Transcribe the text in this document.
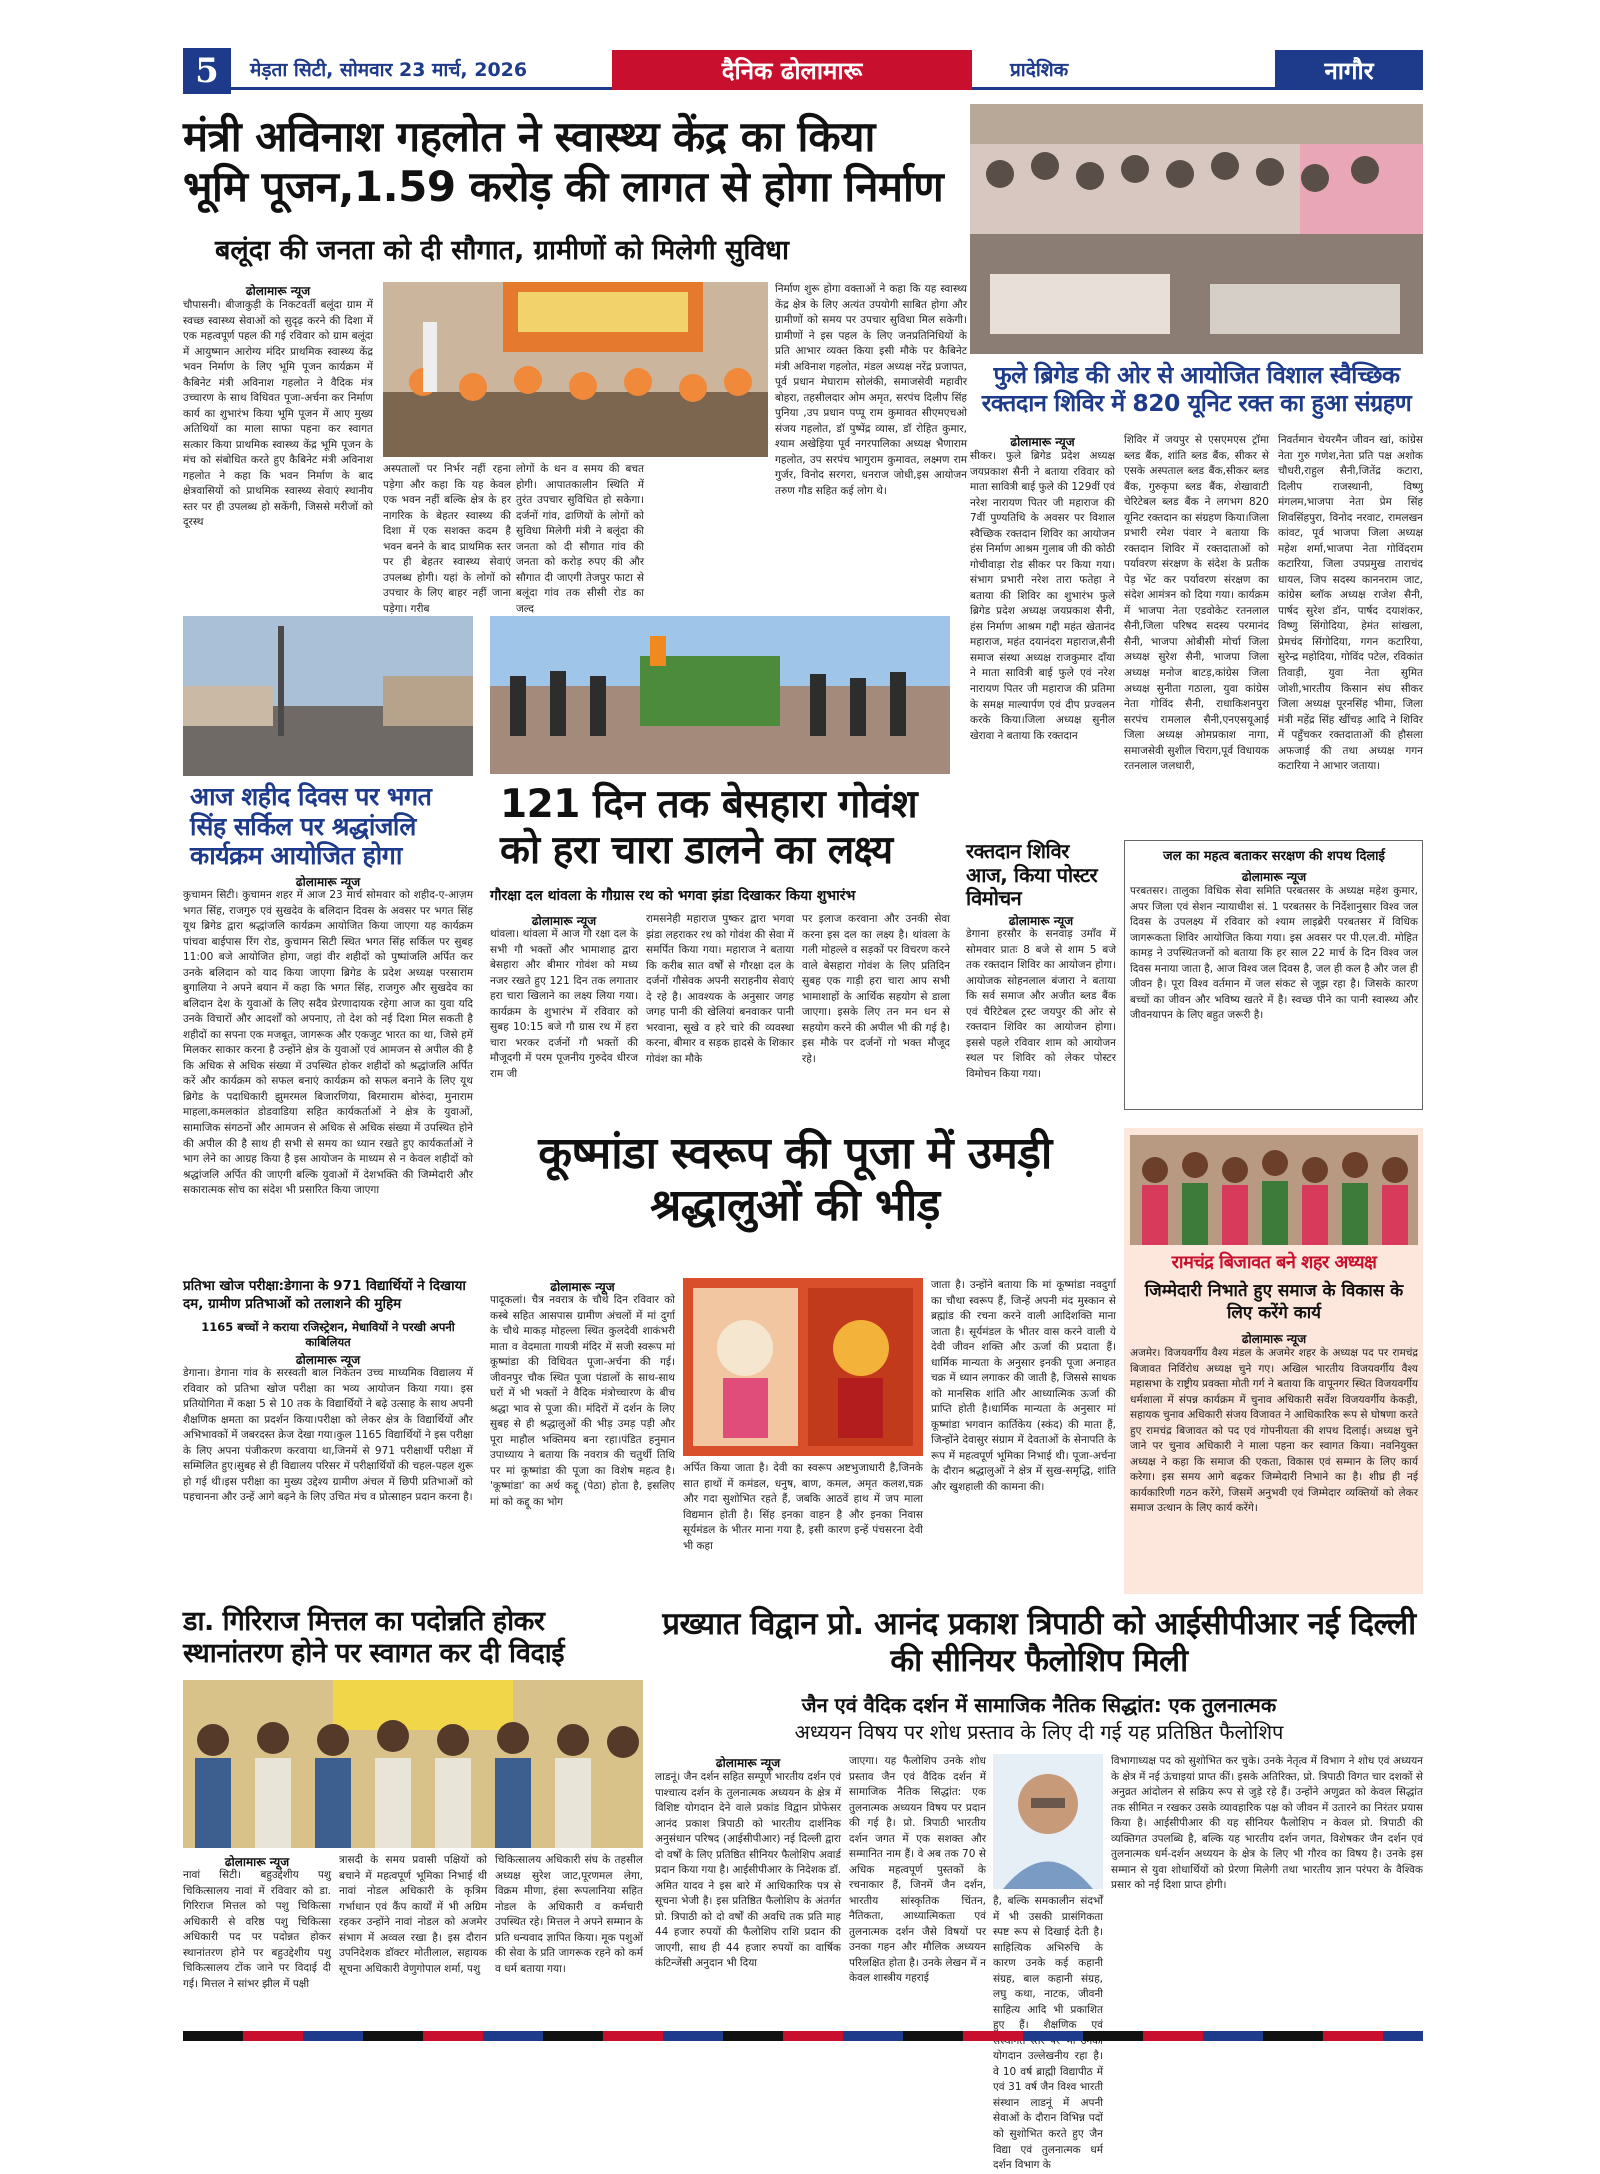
5	मेड़ता सिटी, सोमवार 23 मार्च, 2026	दैनिक ढोलामारू	प्रादेशिक	नागौर
मंत्री अविनाश गहलोत ने स्वास्थ्य केंद्र का किया भूमि पूजन,1.59 करोड़ की लागत से होगा निर्माण
बलूंदा की जनता को दी सौगात, ग्रामीणों को मिलेगी सुविधा
ढोलामारू न्यूज
चौपासनी। बीजाकुड़ी के निकटवर्ती बलूंदा ग्राम में स्वच्छ स्वास्थ्य सेवाओं को सुदृढ़ करने की दिशा में एक महत्वपूर्ण पहल की गई रविवार को ग्राम बलूंदा में आयुष्मान आरोग्य मंदिर प्राथमिक स्वास्थ्य केंद्र भवन निर्माण के लिए भूमि पूजन कार्यक्रम में कैबिनेट मंत्री अविनाश गहलोत ने वैदिक मंत्र उच्चारण के साथ विधिवत पूजा-अर्चना कर निर्माण कार्य का शुभारंभ किया भूमि पूजन में आए मुख्य अतिथियों का माला साफा पहना कर स्वागत सत्कार किया प्राथमिक स्वास्थ्य केंद्र भूमि पूजन के मंच को संबोधित करते हुए कैबिनेट मंत्री अविनाश गहलोत ने कहा कि भवन निर्माण के बाद क्षेत्रवासियों को प्राथमिक स्वास्थ्य सेवाएं स्थानीय स्तर पर ही उपलब्ध हो सकेंगी, जिससे मरीजों को दूरस्थ
अस्पतालों पर निर्भर नहीं रहना पड़ेगा और कहा कि यह केवल एक भवन नहीं बल्कि क्षेत्र के हर नागरिक के बेहतर स्वास्थ्य की दिशा में एक सशक्त कदम है भवन बनने के बाद प्राथमिक स्तर पर ही बेहतर स्वास्थ्य सेवाएं उपलब्ध होगी। यहां के लोगों को उपचार के लिए बाहर नहीं जाना पड़ेगा। गरीब
लोगों के धन व समय की बचत होगी। आपातकालीन स्थिति में तुरंत उपचार सुविधित हो सकेगा। दर्जनों गांव, ढाणियों के लोगों को सुविधा मिलेगी मंत्री ने बलूंदा की जनता को दी सौगात गांव की जनता को करोड़ रुपए की और सौगात दी जाएगी तेजपुर फाटा से बलूंदा गांव तक सीसी रोड का जल्द
निर्माण शुरू होगा वक्ताओं ने कहा कि यह स्वास्थ्य केंद्र क्षेत्र के लिए अत्यंत उपयोगी साबित होगा और ग्रामीणों को समय पर उपचार सुविधा मिल सकेगी। ग्रामीणों ने इस पहल के लिए जनप्रतिनिधियों के प्रति आभार व्यक्त किया इसी मौके पर कैबिनेट मंत्री अविनाश गहलोत, मंडल अध्यक्ष नरेंद्र प्रजापत, पूर्व प्रधान मेघाराम सोलंकी, समाजसेवी महावीर बोहरा, तहसीलदार ओम अमृत, सरपंच दिलीप सिंह पुनिया ,उप प्रधान पप्पू राम कुमावत सीएमएचओ संजय गहलोत, डॉ पुष्पेंद्र व्यास, डॉ रोहित कुमार, श्याम अखेड़िया पूर्व नगरपालिका अध्यक्ष भैणाराम गहलोत, उप सरपंच भागुराम कुमावत, लक्ष्मण राम गुर्जर, विनोद सरगरा, धनराज जोधी,इस आयोजन तरुण गौड सहित कई लोग थे।
फुले ब्रिगेड की ओर से आयोजित विशाल स्वैच्छिक रक्तदान शिविर में 820 यूनिट रक्त का हुआ संग्रहण
ढोलामारू न्यूज
सीकर। फुले ब्रिगेड प्रदेश अध्यक्ष जयप्रकाश सैनी ने बताया रविवार को माता सावित्री बाई फुले की 129वीं एवं नरेश नारायण पितर जी महाराज की 7वीं पुण्यतिथि के अवसर पर विशाल स्वैच्छिक रक्तदान शिविर का आयोजन हंस निर्माण आश्रम गुलाब जी की कोठी गोचीवाड़ा रोड सीकर पर किया गया। संभाग प्रभारी नरेश तारा फतेहा ने बताया की शिविर का शुभारंभ फुले ब्रिगेड प्रदेश अध्यक्ष जयप्रकाश सैनी, हंस निर्माण आश्रम गद्दी महंत खेतानंद महाराज, महंत दयानंदरा महाराज,सैनी समाज संस्था अध्यक्ष राजकुमार दाँया ने माता सावित्री बाई फुले एवं नरेश नारायण पितर जी महाराज की प्रतिमा के समक्ष माल्यार्पण एवं दीप प्रज्वलन करके किया।जिला अध्यक्ष सुनील खेरावा ने बताया कि रक्तदान
शिविर में जयपुर से एसएमएस ट्रॉमा ब्लड बैंक, शांति ब्लड बैंक, सीकर से एसके अस्पताल ब्लड बैंक,सीकर ब्लड बैंक, गुरुकृपा ब्लड बैंक, शेखावाटी चेरिटेबल ब्लड बैंक ने लगभग 820 यूनिट रक्तदान का संग्रहण किया।जिला प्रभारी रमेश पंवार ने बताया कि रक्तदान शिविर में रक्तदाताओं को पर्यावरण संरक्षण के संदेश के प्रतीक पेड़ भेंट कर पर्यावरण संरक्षण का संदेश आमंत्रन को दिया गया। कार्यक्रम में भाजपा नेता एडवोकेट रतनलाल सैनी,जिला परिषद सदस्य परमानंद सैनी, भाजपा ओबीसी मोर्चा जिला अध्यक्ष सुरेश सैनी, भाजपा जिला अध्यक्ष मनोज बाटड़,कांग्रेस जिला अध्यक्ष सुनीता गठाला, युवा कांग्रेस नेता गोविंद सैनी, राधाकिशनपुरा सरपंच रामलाल सैनी,एनएसयूआई जिला अध्यक्ष ओमप्रकाश नागा, समाजसेवी सुशील चिराग,पूर्व विधायक रतनलाल जलधारी,
निवर्तमान चेयरमैन जीवन खां, कांग्रेस नेता गुरु गणेश,नेता प्रति पक्ष अशोक चौधरी,राहुल सैनी,जितेंद्र कटारा, दिलीप राजस्थानी, विष्णु मंगलम,भाजपा नेता प्रेम सिंह शिवसिंहपुरा, विनोद नरवाट, रामलखन कांवट, पूर्व भाजपा जिला अध्यक्ष महेश शर्मा,भाजपा नेता गोविंदराम कटारिया, जिला उपप्रमुख ताराचंद धायल, जिप सदस्य काननराम जाट, कांग्रेस ब्लॉक अध्यक्ष राजेश सैनी, पार्षद सुरेश डॉन, पार्षद दयाशंकर, विष्णु सिंगोदिया, हेमंत सांखला, प्रेमचंद सिंगोदिया, गगन कटारिया, सुरेन्द्र महोदिया, गोविंद पटेल, रविकांत तिवाड़ी, युवा नेता सुमित जोशी,भारतीय किसान संघ सीकर जिला अध्यक्ष पूरनसिंह भीमा, जिला मंत्री महेंद्र सिंह खींचड़ आदि ने शिविर में पहुँचकर रक्तदाताओं की हौसला अफजाई की तथा अध्यक्ष गगन कटारिया ने आभार जताया।
आज शहीद दिवस पर भगत सिंह सर्किल पर श्रद्धांजलि कार्यक्रम आयोजित होगा
ढोलामारू न्यूज
कुचामन सिटी। कुचामन शहर में आज 23 मार्च सोमवार को शहीद-ए-आज़म भगत सिंह, राजगुरु एवं सुखदेव के बलिदान दिवस के अवसर पर भगत सिंह यूथ ब्रिगेड द्वारा श्रद्धांजलि कार्यक्रम आयोजित किया जाएगा यह कार्यक्रम पांचवा बाईपास रिंग रोड, कुचामन सिटी स्थित भगत सिंह सर्किल पर सुबह 11:00 बजे आयोजित होगा, जहां वीर शहीदों को पुष्पांजलि अर्पित कर उनके बलिदान को याद किया जाएगा ब्रिगेड के प्रदेश अध्यक्ष परसाराम बुगालिया ने अपने बयान में कहा कि भगत सिंह, राजगुरु और सुखदेव का बलिदान देश के युवाओं के लिए सदैव प्रेरणादायक रहेगा आज का युवा यदि उनके विचारों और आदर्शों को अपनाए, तो देश को नई दिशा मिल सकती है शहीदों का सपना एक मजबूत, जागरूक और एकजुट भारत का था, जिसे हमें मिलकर साकार करना है उन्होंने क्षेत्र के युवाओं एवं आमजन से अपील की है कि अधिक से अधिक संख्या में उपस्थित होकर शहीदों को श्रद्धांजलि अर्पित करें और कार्यक्रम को सफल बनाएं कार्यक्रम को सफल बनाने के लिए यूथ ब्रिगेड के पदाधिकारी झुमरमल बिजारणिया, बिरमाराम बोरुंदा, मुनाराम माहला,कमलकांत डोडवाडिया सहित कार्यकर्ताओं ने क्षेत्र के युवाओं, सामाजिक संगठनों और आमजन से अधिक से अधिक संख्या में उपस्थित होने की अपील की है साथ ही सभी से समय का ध्यान रखते हुए कार्यकर्ताओं ने भाग लेने का आग्रह किया है इस आयोजन के माध्यम से न केवल शहीदों को श्रद्धांजलि अर्पित की जाएगी बल्कि युवाओं में देशभक्ति की जिम्मेदारी और सकारात्मक सोच का संदेश भी प्रसारित किया जाएगा
प्रतिभा खोज परीक्षा:डेगाना के 971 विद्यार्थियों ने दिखाया दम, ग्रामीण प्रतिभाओं को तलाशने की मुहिम
1165 बच्चों ने कराया रजिस्ट्रेशन, मेधावियों ने परखी अपनी काबिलियत
ढोलामारू न्यूज
डेगाना। डेगाना गांव के सरस्वती बाल निकेतन उच्च माध्यमिक विद्यालय में रविवार को प्रतिभा खोज परीक्षा का भव्य आयोजन किया गया। इस प्रतियोगिता में कक्षा 5 से 10 तक के विद्यार्थियों ने बढ़े उत्साह के साथ अपनी शैक्षणिक क्षमता का प्रदर्शन किया।परीक्षा को लेकर क्षेत्र के विद्यार्थियों और अभिभावकों में जबरदस्त क्रेज देखा गया।कुल 1165 विद्यार्थियों ने इस परीक्षा के लिए अपना पंजीकरण करवाया था,जिनमें से 971 परीक्षार्थी परीक्षा में सम्मिलित हुए।सुबह से ही विद्यालय परिसर में परीक्षार्थियों की चहल-पहल शुरू हो गई थी।इस परीक्षा का मुख्य उद्देश्य ग्रामीण अंचल में छिपी प्रतिभाओं को पहचानना और उन्हें आगे बढ़ने के लिए उचित मंच व प्रोत्साहन प्रदान करना है।
121 दिन तक बेसहारा गोवंश को हरा चारा डालने का लक्ष्य
गौरक्षा दल थांवला के गौग्रास रथ को भगवा झंडा दिखाकर किया शुभारंभ
ढोलामारू न्यूज
थांवला। थांवला में आज गौ रक्षा दल के सभी गौ भक्तों और भामाशाह द्वारा बेसहारा और बीमार गोवंश को मध्य नजर रखते हुए 121 दिन तक लगातार हरा चारा खिलाने का लक्ष्य लिया गया। कार्यक्रम के शुभारंभ में रविवार को सुबह 10:15 बजे गौ ग्रास रथ में हरा चारा भरकर दर्जनों गौ भक्तों की मौजूदगी में परम पूजनीय गुरुदेव धीरज राम जी
रामसनेही महाराज पुष्कर द्वारा भगवा झंडा लहराकर रथ को गोवंश की सेवा में समर्पित किया गया। महाराज ने बताया कि करीब सात वर्षों से गौरक्षा दल के दर्जनों गौसेवक अपनी सराहनीय सेवाएं दे रहे है। आवश्यक के अनुसार जगह जगह पानी की खेलियां बनवाकर पानी भरवाना, सूखे व हरे चारे की व्यवस्था करना, बीमार व सड़क हादसे के शिकार गोवंश का मौके
पर इलाज करवाना और उनकी सेवा करना इस दल का लक्ष्य है। थांवला के गली मोहल्ले व सड़कों पर विचरण करने वाले बेसहारा गोवंश के लिए प्रतिदिन सुबह एक गाड़ी हरा चारा आप सभी भामाशाहों के आर्थिक सहयोग से डाला जाएगा। इसके लिए तन मन धन से सहयोग करने की अपील भी की गई है। इस मौके पर दर्जनों गो भक्त मौजूद रहे।
रक्तदान शिविर आज, किया पोस्टर विमोचन
ढोलामारू न्यूज
डेगाना हरसौर के सनवाड़ उमाँव में सोमवार प्रातः 8 बजे से शाम 5 बजे तक रक्तदान शिविर का आयोजन होगा।आयोजक सोहनलाल बंजारा ने बताया कि सर्व समाज और अजीत ब्लड बैंक एवं चैरिटेबल ट्रस्ट जयपुर की ओर से रक्तदान शिविर का आयोजन होगा। इससे पहले रविवार शाम को आयोजन स्थल पर शिविर को लेकर पोस्टर विमोचन किया गया।
जल का महत्व बताकर सरक्षण की शपथ दिलाई
ढोलामारू न्यूज
परबतसर। तालुका विधिक सेवा समिति परबतसर के अध्यक्ष महेश कुमार, अपर जिला एवं सेशन न्यायाधीश सं. 1 परबतसर के निर्देशानुसार विश्व जल दिवस के उपलक्ष्य में रविवार को श्याम लाइब्रेरी परबतसर में विधिक जागरूकता शिविर आयोजित किया गया। इस अवसर पर पी.एल.वी. मोहित कामड़ ने उपस्थितजनों को बताया कि हर साल 22 मार्च के दिन विश्व जल दिवस मनाया जाता है, आज विश्व जल दिवस है, जल ही कल है और जल ही जीवन है। पूरा विश्व वर्तमान में जल संकट से जूझ रहा है। जिसके कारण बच्चों का जीवन और भविष्य खतरे में है। स्वच्छ पीने का पानी स्वास्थ्य और जीवनयापन के लिए बहुत जरूरी है।
कूष्मांडा स्वरूप की पूजा में उमड़ी श्रद्धालुओं की भीड़
ढोलामारू न्यूज
पादूकलां। चैत्र नवरात्र के चौथे दिन रविवार को कस्बे सहित आसपास ग्रामीण अंचलों में मां दुर्गा के चौथे माकड़ मोहल्ला स्थित कुलदेवी शाकंभरी माता व वेदमाता गायत्री मंदिर में सजी स्वरूप मां कूष्मांडा की विधिवत पूजा-अर्चना की गई। जीवनपुर चौक स्थित पूजा पंडालों के साथ-साथ घरों में भी भक्तों ने वैदिक मंत्रोच्चारण के बीच श्रद्धा भाव से पूजा की। मंदिरों में दर्शन के लिए सुबह से ही श्रद्धालुओं की भीड़ उमड़ पड़ी और पूरा माहौल भक्तिमय बना रहा।पंडित हनुमान उपाध्याय ने बताया कि नवरात्र की चतुर्थी तिथि पर मां कूष्मांडा की पूजा का विशेष महत्व है। 'कूष्मांडा' का अर्थ कद्दू (पेठा) होता है, इसलिए मां को कद्दू का भोग
अर्पित किया जाता है। देवी का स्वरूप अष्टभुजाधारी है,जिनके सात हाथों में कमंडल, धनुष, बाण, कमल, अमृत कलश,चक्र और गदा सुशोभित रहते हैं, जबकि आठवें हाथ में जप माला विद्यमान होती है। सिंह इनका वाहन है और इनका निवास सूर्यमंडल के भीतर माना गया है, इसी कारण इन्हें पंचसरना देवी भी कहा
जाता है। उन्होंने बताया कि मां कूष्मांडा नवदुर्गा का चौथा स्वरूप हैं, जिन्हें अपनी मंद मुस्कान से ब्रह्मांड की रचना करने वाली आदिशक्ति माना जाता है। सूर्यमंडल के भीतर वास करने वाली ये देवी जीवन शक्ति और ऊर्जा की प्रदाता हैं। धार्मिक मान्यता के अनुसार इनकी पूजा अनाहत चक्र में ध्यान लगाकर की जाती है, जिससे साधक को मानसिक शांति और आध्यात्मिक ऊर्जा की प्राप्ति होती है।धार्मिक मान्यता के अनुसार मां कूष्मांडा भगवान कार्तिकेय (स्कंद) की माता हैं, जिन्होंने देवासुर संग्राम में देवताओं के सेनापति के रूप में महत्वपूर्ण भूमिका निभाई थी। पूजा-अर्चना के दौरान श्रद्धालुओं ने क्षेत्र में सुख-समृद्धि, शांति और खुशहाली की कामना की।
रामचंद्र बिजावत बने शहर अध्यक्ष
जिम्मेदारी निभाते हुए समाज के विकास के लिए करेंगे कार्य
ढोलामारू न्यूज
अजमेर। विजयवर्गीय वैश्य मंडल के अजमेर शहर के अध्यक्ष पद पर रामचंद्र बिजावत निर्विरोध अध्यक्ष चुने गए। अखिल भारतीय विजयवर्गीय वैश्य महासभा के राष्ट्रीय प्रवक्ता मोती गर्ग ने बताया कि वापूनगर स्थित विजयवर्गीय धर्मशाला में संपन्न कार्यक्रम में चुनाव अधिकारी सर्वेश विजयवर्गीय केकड़ी, सहायक चुनाव अधिकारी संजय विजावत ने आधिकारिक रूप से घोषणा करते हुए रामचंद्र बिजावत को पद एवं गोपनीयता की शपथ दिलाई। अध्यक्ष चुने जाने पर चुनाव अधिकारी ने माला पहना कर स्वागत किया। नवनियुक्त अध्यक्ष ने कहा कि समाज की एकता, विकास एवं सम्मान के लिए कार्य करेगा। इस समय आगे बढ़कर जिम्मेदारी निभाने का है। शीघ्र ही नई कार्यकारिणी गठन करेंगे, जिसमें अनुभवी एवं जिम्मेदार व्यक्तियों को लेकर समाज उत्थान के लिए कार्य करेंगे।
डा. गिरिराज मित्तल का पदोन्नति होकर स्थानांतरण होने पर स्वागत कर दी विदाई
ढोलामारू न्यूज
नावां सिटी। बहुउद्देशीय पशु चिकित्सालय नावां में रविवार को डा. गिरिराज मित्तल को पशु चिकित्सा अधिकारी से वरिष्ठ पशु चिकित्सा अधिकारी पद पर पदोन्नत होकर स्थानांतरण होने पर बहुउद्देशीय पशु चिकित्सालय टोंक जाने पर विदाई दी गई। मित्तल ने सांभर झील में पक्षी
त्रासदी के समय प्रवासी पक्षियों को बचाने में महत्वपूर्ण भूमिका निभाई थी नावां नोडल अधिकारी के कृत्रिम गर्भाधान एवं कैंप कार्यों में भी अग्रिम रहकर उन्होंने नावां नोडल को अजमेर संभाग में अव्वल रखा है। इस दौरान उपनिदेशक डॉक्टर मोतीलाल, सहायक सूचना अधिकारी वेणुगोपाल शर्मा, पशु
चिकित्सालय अधिकारी संघ के तहसील अध्यक्ष सुरेश जाट,पूरणमल लेगा, विक्रम मीणा, हंसा रूपलानिया सहित नोडल के अधिकारी व कर्मचारी उपस्थित रहे। मित्तल ने अपने सम्मान के प्रति धन्यवाद ज्ञापित किया। मूक पशुओं की सेवा के प्रति जागरूक रहने को कर्म व धर्म बताया गया।
प्रख्यात विद्वान प्रो. आनंद प्रकाश त्रिपाठी को आईसीपीआर नई दिल्ली की सीनियर फैलोशिप मिली
जैन एवं वैदिक दर्शन में सामाजिक नैतिक सिद्धांत: एक तुलनात्मक
अध्ययन विषय पर शोध प्रस्ताव के लिए दी गई यह प्रतिष्ठित फैलोशिप
ढोलामारू न्यूज
लाडनूं। जैन दर्शन सहित सम्पूर्ण भारतीय दर्शन एवं पाश्चात्य दर्शन के तुलनात्मक अध्ययन के क्षेत्र में विशिष्ट योगदान देने वाले प्रकांड विद्वान प्रोफेसर आनंद प्रकाश त्रिपाठी को भारतीय दार्शनिक अनुसंधान परिषद (आईसीपीआर) नई दिल्ली द्वारा दो वर्षों के लिए प्रतिष्ठित सीनियर फैलोशिप अवार्ड प्रदान किया गया है। आईसीपीआर के निदेशक डॉ. अमित यादव ने इस बारे में आधिकारिक पत्र से सूचना भेजी है। इस प्रतिष्ठित फैलोशिप के अंतर्गत प्रो. त्रिपाठी को दो वर्षों की अवधि तक प्रति माह 44 हजार रुपयों की फैलोशिप राशि प्रदान की जाएगी, साथ ही 44 हजार रुपयों का वार्षिक कंटिन्जेंसी अनुदान भी दिया
जाएगा। यह फैलोशिप उनके शोध प्रस्ताव जैन एवं वैदिक दर्शन में सामाजिक नैतिक सिद्धांत: एक तुलनात्मक अध्ययन विषय पर प्रदान की गई है। प्रो. त्रिपाठी भारतीय दर्शन जगत में एक सशक्त और सम्मानित नाम हैं। वे अब तक 70 से अधिक महत्वपूर्ण पुस्तकों के रचनाकार हैं, जिनमें जैन दर्शन, भारतीय सांस्कृतिक चिंतन, नैतिकता, आध्यात्मिकता एवं तुलनात्मक दर्शन जैसे विषयों पर उनका गहन और मौलिक अध्ययन परिलक्षित होता है। उनके लेखन में न केवल शास्त्रीय गहराई
है, बल्कि समकालीन संदर्भों में भी उसकी प्रासंगिकता स्पष्ट रूप से दिखाई देती है। साहित्यिक अभिरुचि के कारण उनके कई कहानी संग्रह, बाल कहानी संग्रह, लघु कथा, नाटक, जीवनी साहित्य आदि भी प्रकाशित हुए हैं। शैक्षणिक एवं योगदान उल्लेखनीय रहा है। वे 10 वर्ष ब्राह्मी विद्यापीठ में एवं 31 वर्ष जैन विश्व भारती संस्थान लाडनूं में अपनी सेवाओं के दौरान विभिन्न पदों को सुशोभित करते हुए जैन विद्या एवं तुलनात्मक धर्म दर्शन विभाग के
विभागाध्यक्ष पद को सुशोभित कर चुके। उनके नेतृत्व में विभाग ने शोध एवं अध्ययन के क्षेत्र में नई ऊंचाइयां प्राप्त कीं। इसके अतिरिक्त, प्रो. त्रिपाठी विगत चार दशकों से अनुव्रत आंदोलन से सक्रिय रूप से जुड़े रहे हैं। उन्होंने अणुव्रत को केवल सिद्धांत तक सीमित न रखकर उसके व्यावहारिक पक्ष को जीवन में उतारने का निरंतर प्रयास किया है। आईसीपीआर की यह सीनियर फैलोशिप न केवल प्रो. त्रिपाठी की व्यक्तिगत उपलब्धि है, बल्कि यह भारतीय दर्शन जगत, विशेषकर जैन दर्शन एवं तुलनात्मक धर्म-दर्शन अध्ययन के क्षेत्र के लिए भी गौरव का विषय है। उनके इस सम्मान से युवा शोधार्थियों को प्रेरणा मिलेगी तथा भारतीय ज्ञान परंपरा के वैश्विक प्रसार को नई दिशा प्राप्त होगी।
